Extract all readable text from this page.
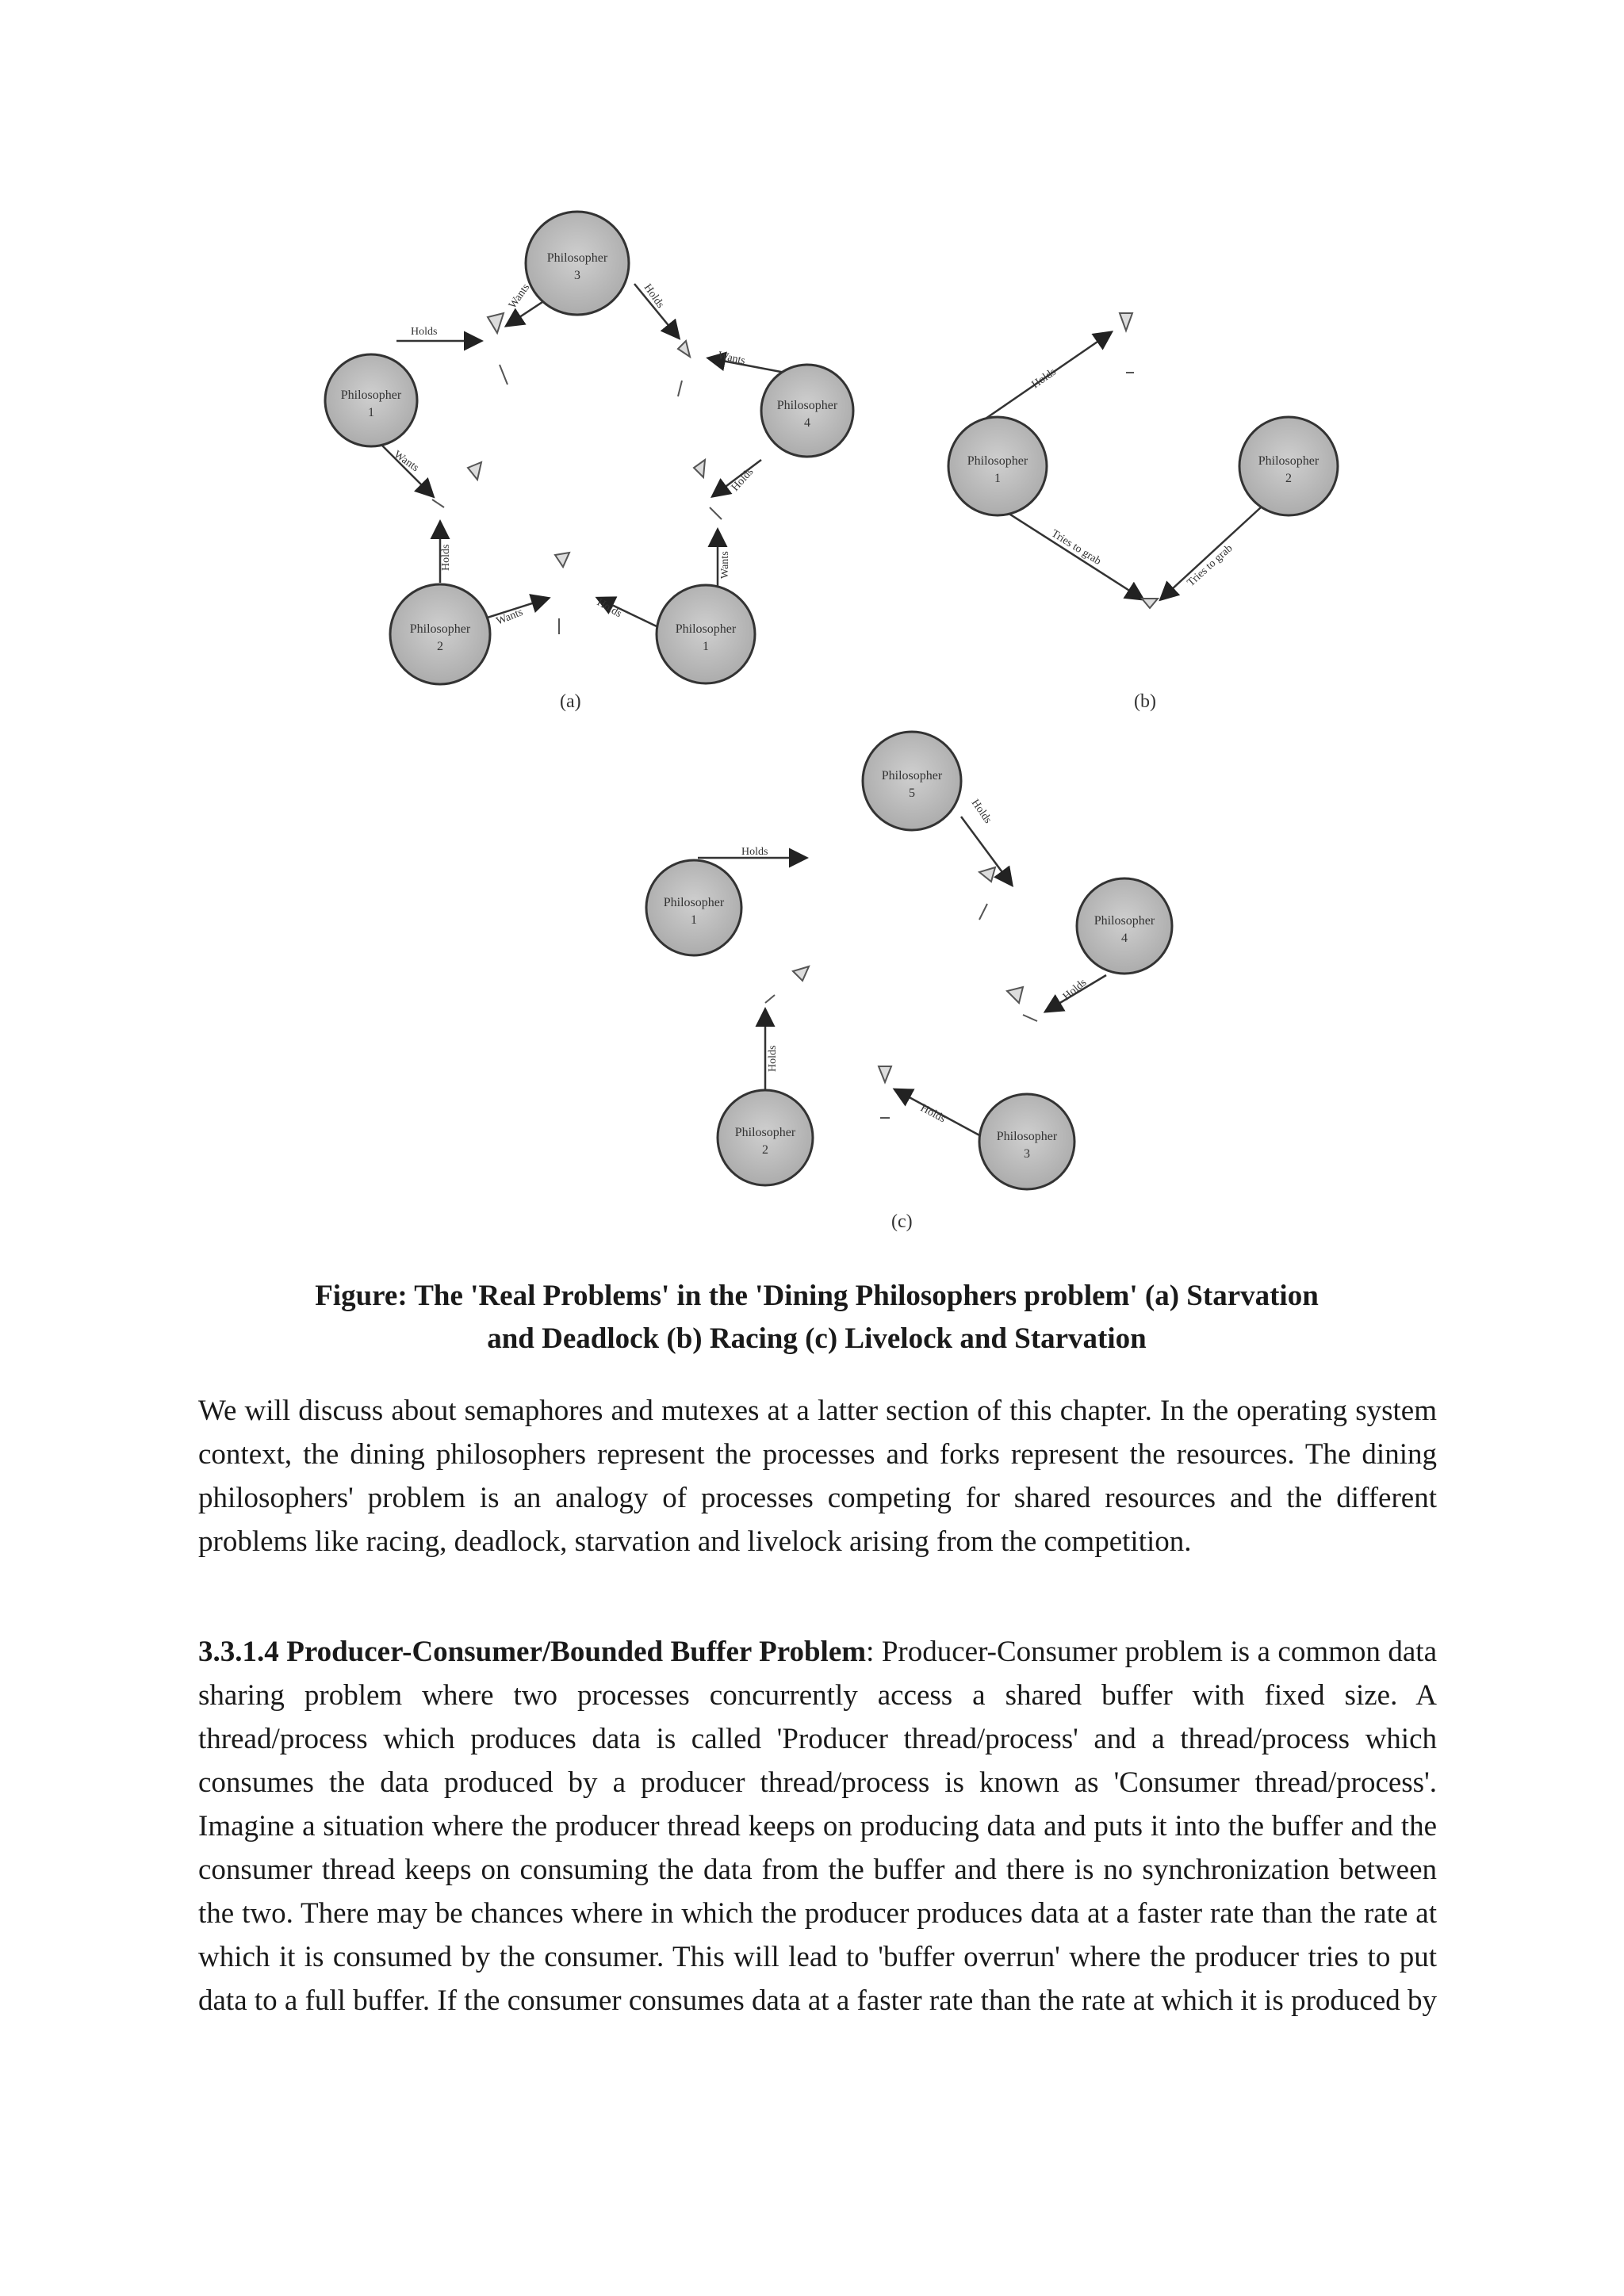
Wants
Holds
Holds
Wants
Holds
Wants
Holds
Wants
Holds
Wants
Philosopher
3
Philosopher
4
Philosopher
1
Philosopher
2
Philosopher
1
(a)
Holds
Tries to grab	Tries to grab
Philosopher
1
Philosopher
2
(b)
Holds
Holds
Holds
Holds
Holds
Philosopher
5
Philosopher
1	Philosopher
4
Philosopher
2
Philosopher
3
(c)
Figure: The 'Real Problems' in the 'Dining Philosophers problem' (a) Starvation
and Deadlock (b) Racing (c) Livelock and Starvation

We will discuss about semaphores and mutexes at a latter section of this chapter. In the operating system context, the dining philosophers represent the processes and forks represent the resources. The dining philosophers' problem is an analogy of processes competing for shared resources and the different problems like racing, deadlock, starvation and livelock arising from the competition.

3.3.1.4 Producer-Consumer/Bounded Buffer Problem: Producer-Consumer problem is a common data sharing problem where two processes concurrently access a shared buffer with fixed size. A thread/process which produces data is called 'Producer thread/process' and a thread/process which consumes the data produced by a producer thread/process is known as 'Consumer thread/process'. Imagine a situation where the producer thread keeps on producing data and puts it into the buffer and the consumer thread keeps on consuming the data from the buffer and there is no synchronization between the two. There may be chances where in which the producer produces data at a faster rate than the rate at which it is consumed by the consumer. This will lead to 'buffer overrun' where the producer tries to put data to a full buffer. If the consumer consumes data at a faster rate than the rate at which it is produced by
